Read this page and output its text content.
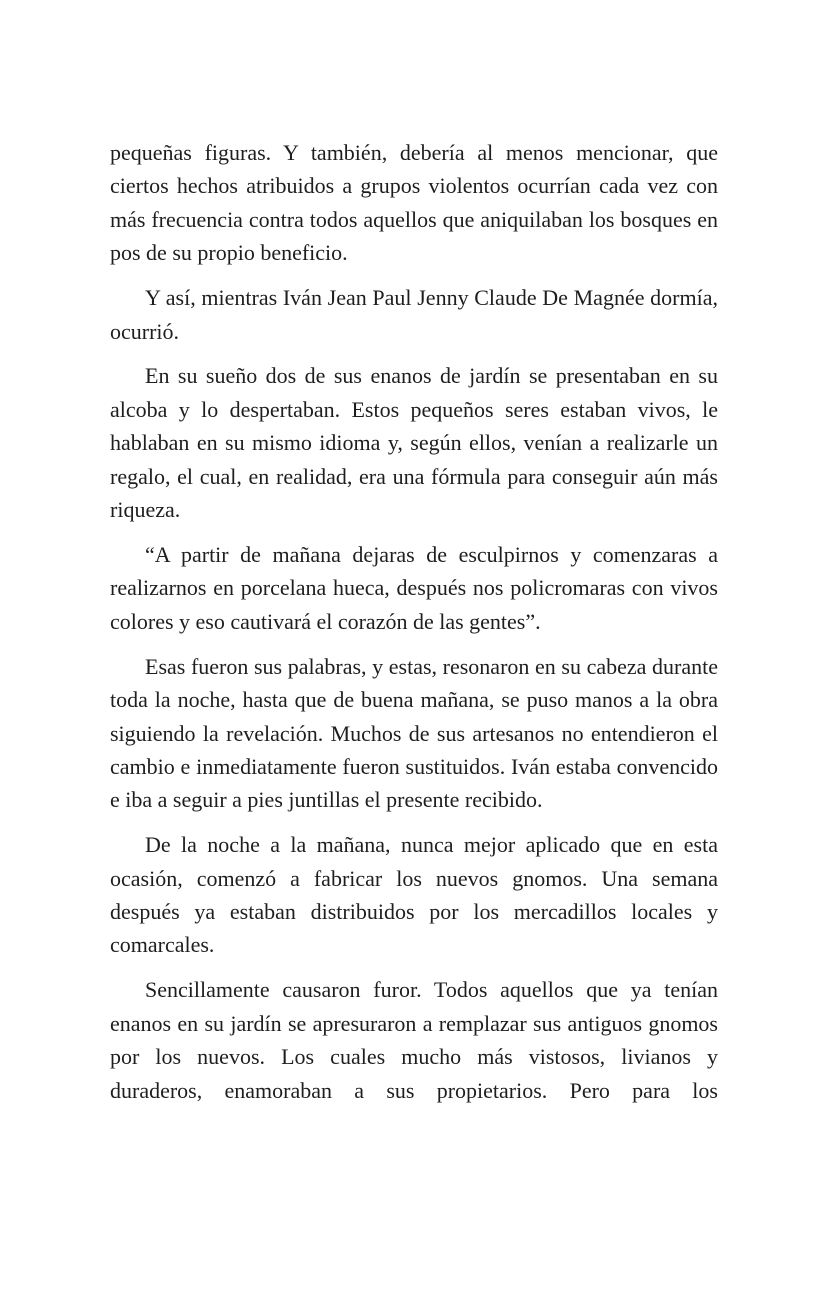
pequeñas figuras. Y también, debería al menos mencionar, que ciertos hechos atribuidos a grupos violentos ocurrían cada vez con más frecuencia contra todos aquellos que aniquilaban los bosques en pos de su propio beneficio.

Y así, mientras Iván Jean Paul Jenny Claude De Magnée dormía, ocurrió.

En su sueño dos de sus enanos de jardín se presentaban en su alcoba y lo despertaban. Estos pequeños seres estaban vivos, le hablaban en su mismo idioma y, según ellos, venían a realizarle un regalo, el cual, en realidad, era una fórmula para conseguir aún más riqueza.

“A partir de mañana dejaras de esculpirnos y comenzaras a realizarnos en porcelana hueca, después nos policromaras con vivos colores y eso cautivará el corazón de las gentes”.

Esas fueron sus palabras, y estas, resonaron en su cabeza durante toda la noche, hasta que de buena mañana, se puso manos a la obra siguiendo la revelación. Muchos de sus artesanos no entendieron el cambio e inmediatamente fueron sustituidos. Iván estaba convencido e iba a seguir a pies juntillas el presente recibido.

De la noche a la mañana, nunca mejor aplicado que en esta ocasión, comenzó a fabricar los nuevos gnomos. Una semana después ya estaban distribuidos por los mercadillos locales y comarcales.

Sencillamente causaron furor. Todos aquellos que ya tenían enanos en su jardín se apresuraron a remplazar sus antiguos gnomos por los nuevos. Los cuales mucho más vistosos, livianos y duraderos, enamoraban a sus propietarios. Pero para los
